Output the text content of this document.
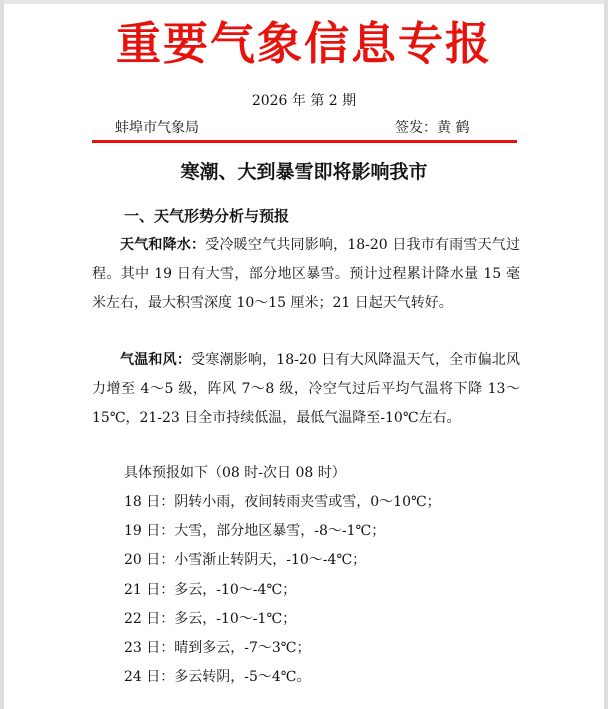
重要气象信息专报
2026 年 第 2 期
蚌埠市气象局	签发：黄 鹤
寒潮、大到暴雪即将影响我市
一、天气形势分析与预报
天气和降水：受冷暖空气共同影响，18-20 日我市有雨雪天气过程。其中 19 日有大雪，部分地区暴雪。预计过程累计降水量 15 毫米左右，最大积雪深度 10～15 厘米；21 日起天气转好。
气温和风：受寒潮影响，18-20 日有大风降温天气，全市偏北风力增至 4～5 级，阵风 7～8 级，冷空气过后平均气温将下降 13～15℃，21-23 日全市持续低温，最低气温降至-10℃左右。
具体预报如下（08 时-次日 08 时）
18 日：阴转小雨，夜间转雨夹雪或雪，0～10℃；
19 日：大雪，部分地区暴雪，-8～-1℃；
20 日：小雪渐止转阴天，-10～-4℃；
21 日：多云，-10～-4℃；
22 日：多云，-10～-1℃；
23 日：晴到多云，-7～3℃；
24 日：多云转阴，-5～4℃。
